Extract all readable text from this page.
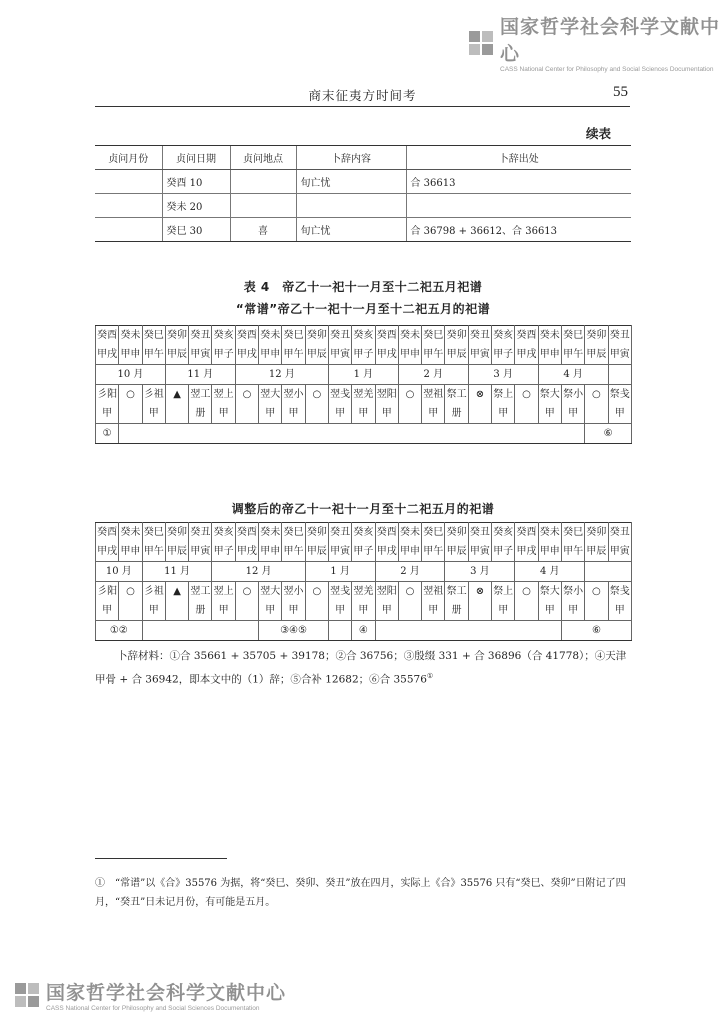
国家哲学社会科学文献中心
CASS National Center for Philosophy and Social Sciences Documentation
商末征夷方时间考	55
续表
贞问月份	贞问日期	贞问地点	卜辞内容	卜辞出处
	癸酉 10		旬亡忧	合 36613
	癸未 20			
	癸巳 30	喜	旬亡忧	合 36798 + 36612、合 36613
表 4　帝乙十一祀十一月至十二祀五月祀谱
“常谱”帝乙十一祀十一月至十二祀五月的祀谱
癸酉	癸未	癸巳	癸卯	癸丑	癸亥	癸酉	癸未	癸巳	癸卯	癸丑	癸亥	癸酉	癸未	癸巳	癸卯	癸丑	癸亥	癸酉	癸未	癸巳	癸卯	癸丑
甲戌	甲申	甲午	甲辰	甲寅	甲子	甲戌	甲申	甲午	甲辰	甲寅	甲子	甲戌	甲申	甲午	甲辰	甲寅	甲子	甲戌	甲申	甲午	甲辰	甲寅
10 月			11 月			12 月				1 月			2 月			3 月			4 月			
彡阳	○	彡祖	▲	翌工	翌上	○	翌大	翌小	○	翌戋	翌羌	翌阳	○	翌祖	祭工	⊗	祭上	○	祭大	祭小	○	祭戋
甲		甲		册	甲		甲	甲		甲	甲	甲		甲	册		甲		甲	甲		甲
①																					⑥	
调整后的帝乙十一祀十一月至十二祀五月的祀谱
癸酉	癸未	癸巳	癸卯	癸丑	癸亥	癸酉	癸未	癸巳	癸卯	癸丑	癸亥	癸酉	癸未	癸巳	癸卯	癸丑	癸亥	癸酉	癸未	癸巳	癸卯	癸丑
甲戌	甲申	甲午	甲辰	甲寅	甲子	甲戌	甲申	甲午	甲辰	甲寅	甲子	甲戌	甲申	甲午	甲辰	甲寅	甲子	甲戌	甲申	甲午	甲辰	甲寅
10 月		11 月			12 月				1 月			2 月			3 月			4 月				
彡阳	○	彡祖	▲	翌工	翌上	○	翌大	翌小	○	翌戋	翌羌	翌阳	○	翌祖	祭工	⊗	祭上	○	祭大	祭小	○	祭戋
甲		甲		册	甲		甲	甲		甲	甲	甲		甲	册		甲		甲	甲		甲
①②							③④⑤				④									⑥		
卜辞材料：①合 35661 + 35705 + 39178；②合 36756；③殷缀 331 + 合 36896（合 41778）；④天津甲骨 + 合 36942，即本文中的（1）辞；⑤合补 12682；⑥合 35576①
①　 “常谱”以《合》35576 为据，将“癸巳、癸卯、癸丑”放在四月，实际上《合》35576 只有“癸巳、癸卯”日附记了四月，“癸丑”日未记月份，有可能是五月。
国家哲学社会科学文献中心
CASS National Center for Philosophy and Social Sciences Documentation
